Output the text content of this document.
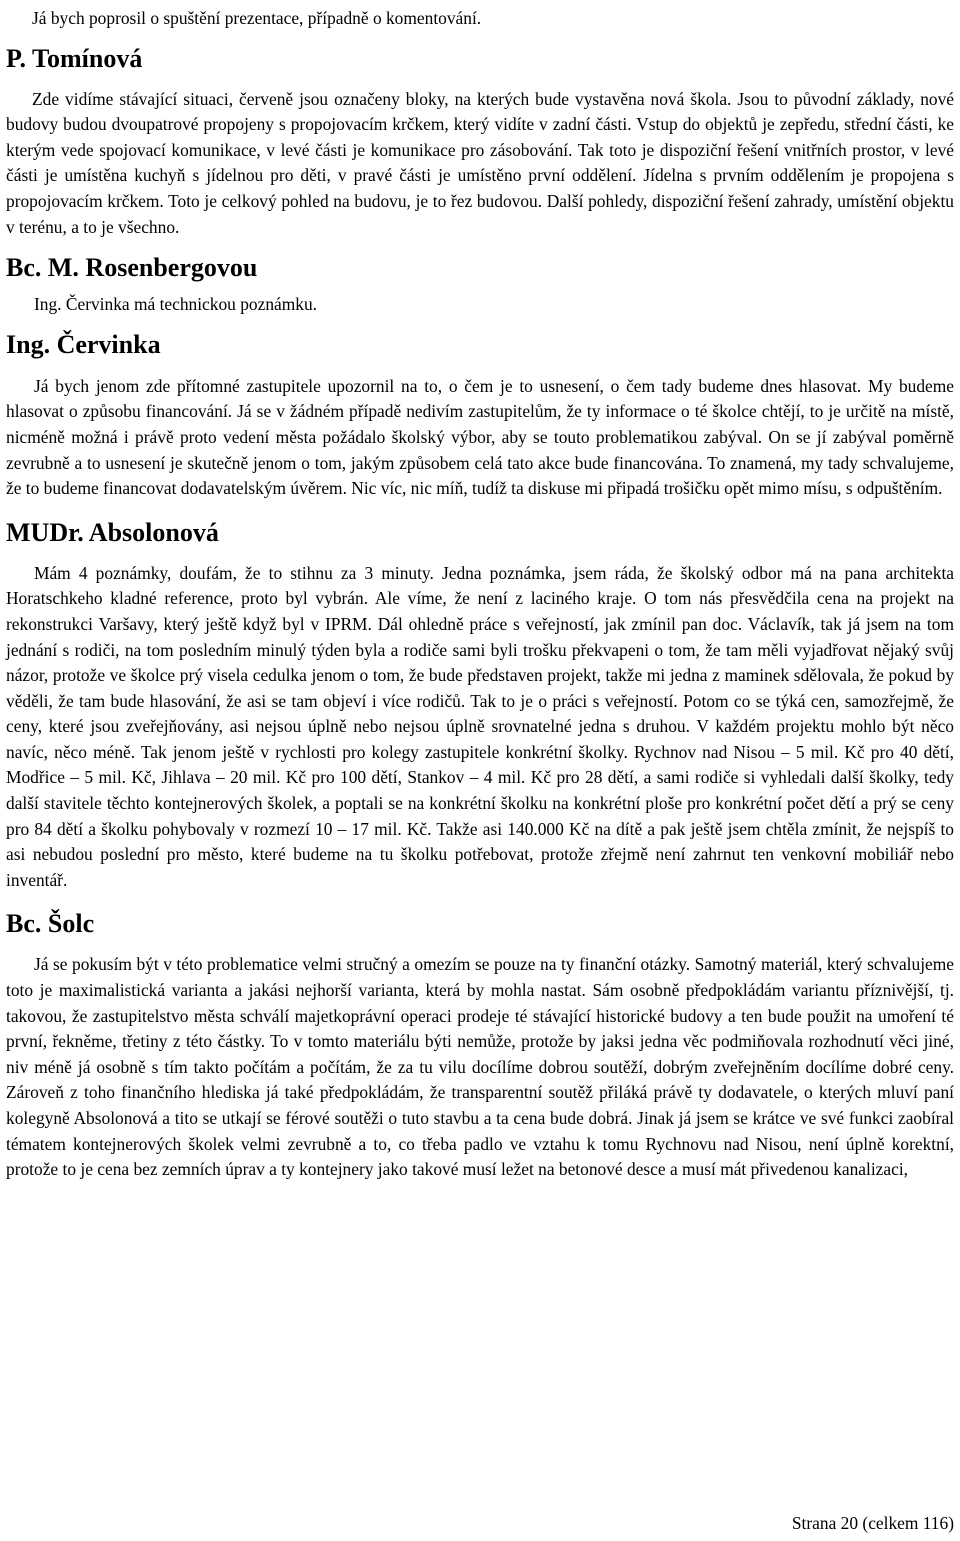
Já bych poprosil o spuštění prezentace, případně o komentování.

P. Tomínová

Zde vidíme stávající situaci, červeně jsou označeny bloky, na kterých bude vystavěna nová škola. Jsou to původní základy, nové budovy budou dvoupatrové propojeny s propojovacím krčkem, který vidíte v zadní části. Vstup do objektů je zepředu, střední části, ke kterým vede spojovací komunikace, v levé části je komunikace pro zásobování. Tak toto je dispoziční řešení vnitřních prostor, v levé části je umístěna kuchyň s jídelnou pro děti, v pravé části je umístěno první oddělení. Jídelna s prvním oddělením je propojena s propojovacím krčkem. Toto je celkový pohled na budovu, je to řez budovou. Další pohledy, dispoziční řešení zahrady, umístění objektu v terénu, a to je všechno.

Bc. M. Rosenbergovou

Ing. Červinka má technickou poznámku.

Ing. Červinka

Já bych jenom zde přítomné zastupitele upozornil na to, o čem je to usnesení, o čem tady budeme dnes hlasovat. My budeme hlasovat o způsobu financování. Já se v žádném případě nedivím zastupitelům, že ty informace o té školce chtějí, to je určitě na místě, nicméně možná i právě proto vedení města požádalo školský výbor, aby se touto problematikou zabýval. On se jí zabýval poměrně zevrubně a to usnesení je skutečně jenom o tom, jakým způsobem celá tato akce bude financována. To znamená, my tady schvalujeme, že to budeme financovat dodavatelským úvěrem. Nic víc, nic míň, tudíž ta diskuse mi připadá trošičku opět mimo mísu, s odpuštěním.

MUDr. Absolonová

Mám 4 poznámky, doufám, že to stihnu za 3 minuty. Jedna poznámka, jsem ráda, že školský odbor má na pana architekta Horatschkeho kladné reference, proto byl vybrán. Ale víme, že není z laciného kraje. O tom nás přesvědčila cena na projekt na rekonstrukci Varšavy, který ještě když byl v IPRM. Dál ohledně práce s veřejností, jak zmínil pan doc. Václavík, tak já jsem na tom jednání s rodiči, na tom posledním minulý týden byla a rodiče sami byli trošku překvapeni o tom, že tam měli vyjadřovat nějaký svůj názor, protože ve školce prý visela cedulka jenom o tom, že bude představen projekt, takže mi jedna z maminek sdělovala, že pokud by věděli, že tam bude hlasování, že asi se tam objeví i více rodičů. Tak to je o práci s veřejností. Potom co se týká cen, samozřejmě, že ceny, které jsou zveřejňovány, asi nejsou úplně nebo nejsou úplně srovnatelné jedna s druhou. V každém projektu mohlo být něco navíc, něco méně. Tak jenom ještě v rychlosti pro kolegy zastupitele konkrétní školky. Rychnov nad Nisou – 5 mil. Kč pro 40 dětí, Modřice – 5 mil. Kč, Jihlava – 20 mil. Kč pro 100 dětí, Stankov – 4 mil. Kč pro 28 dětí, a sami rodiče si vyhledali další školky, tedy další stavitele těchto kontejnerových školek, a poptali se na konkrétní školku na konkrétní ploše pro konkrétní počet dětí a prý se ceny pro 84 dětí a školku pohybovaly v rozmezí 10 – 17 mil. Kč. Takže asi 140.000 Kč na dítě a pak ještě jsem chtěla zmínit, že nejspíš to asi nebudou poslední pro město, které budeme na tu školku potřebovat, protože zřejmě není zahrnut ten venkovní mobiliář nebo inventář.

Bc. Šolc

Já se pokusím být v této problematice velmi stručný a omezím se pouze na ty finanční otázky. Samotný materiál, který schvalujeme toto je maximalistická varianta a jakási nejhorší varianta, která by mohla nastat. Sám osobně předpokládám variantu příznivější, tj. takovou, že zastupitelstvo města schválí majetkoprávní operaci prodeje té stávající historické budovy a ten bude použit na umoření té první, řekněme, třetiny z této částky. To v tomto materiálu býti nemůže, protože by jaksi jedna věc podmiňovala rozhodnutí věci jiné, niv méně já osobně s tím takto počítám a počítám, že za tu vilu docílíme dobrou soutěží, dobrým zveřejněním docílíme dobré ceny. Zároveň z toho finančního hlediska já také předpokládám, že transparentní soutěž přiláká právě ty dodavatele, o kterých mluví paní kolegyně Absolonová a tito se utkají se férové soutěži o tuto stavbu a ta cena bude dobrá. Jinak já jsem se krátce ve své funkci zaobíral tématem kontejnerových školek velmi zevrubně a to, co třeba padlo ve vztahu k tomu Rychnovu nad Nisou, není úplně korektní, protože to je cena bez zemních úprav a ty kontejnery jako takové musí ležet na betonové desce a musí mát přivedenou kanalizaci,

Strana 20 (celkem 116)
